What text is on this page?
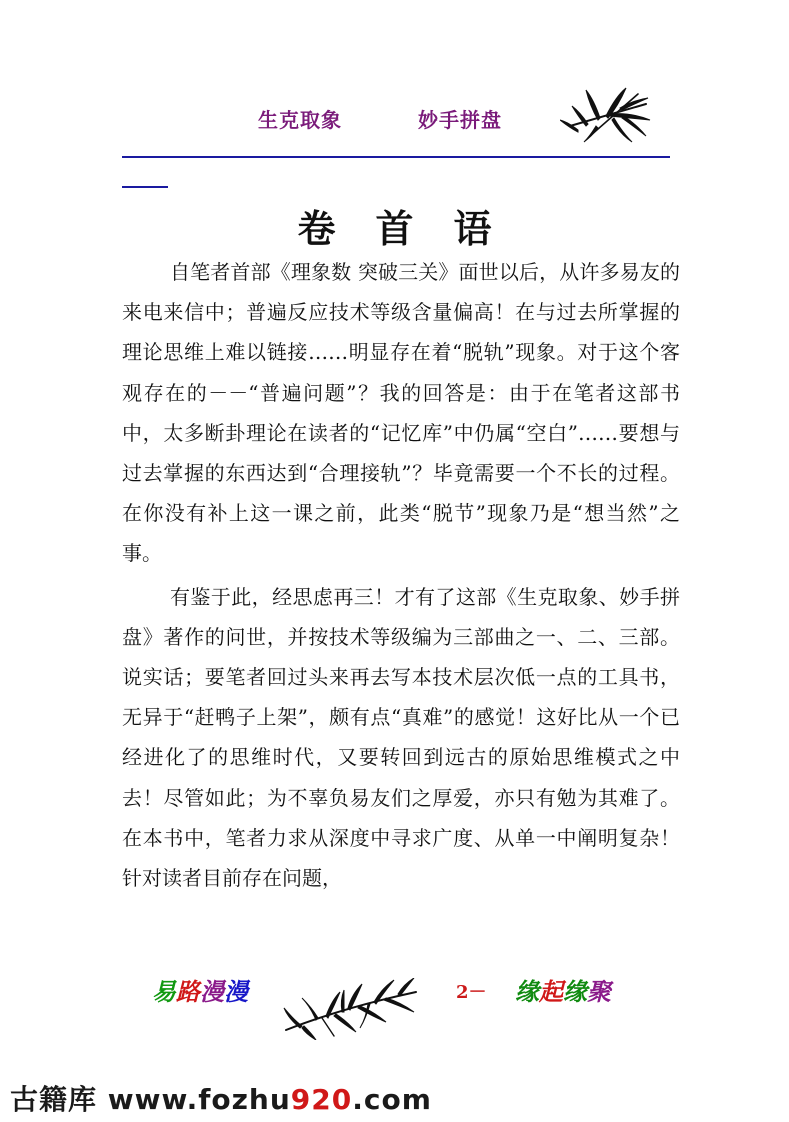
生克取象	妙手拼盘
卷首语

自笔者首部《理象数 突破三关》面世以后，从许多易友的来电来信中；普遍反应技术等级含量偏高！在与过去所掌握的理论思维上难以链接……明显存在着“脱轨”现象。对于这个客观存在的－－“普遍问题”？我的回答是：由于在笔者这部书中，太多断卦理论在读者的“记忆库”中仍属“空白”……要想与过去掌握的东西达到“合理接轨”？毕竟需要一个不长的过程。在你没有补上这一课之前，此类“脱节”现象乃是“想当然”之事。

有鉴于此，经思虑再三！才有了这部《生克取象、妙手拼盘》著作的问世，并按技术等级编为三部曲之一、二、三部。说实话；要笔者回过头来再去写本技术层次低一点的工具书，无异于“赶鸭子上架”，颇有点“真难”的感觉！这好比从一个已经进化了的思维时代，又要转回到远古的原始思维模式之中去！尽管如此；为不辜负易友们之厚爱，亦只有勉为其难了。在本书中，笔者力求从深度中寻求广度、从单一中阐明复杂！针对读者目前存在问题，

易路漫漫	2－ 缘起缘聚
古籍库 www.fozhu920.com
